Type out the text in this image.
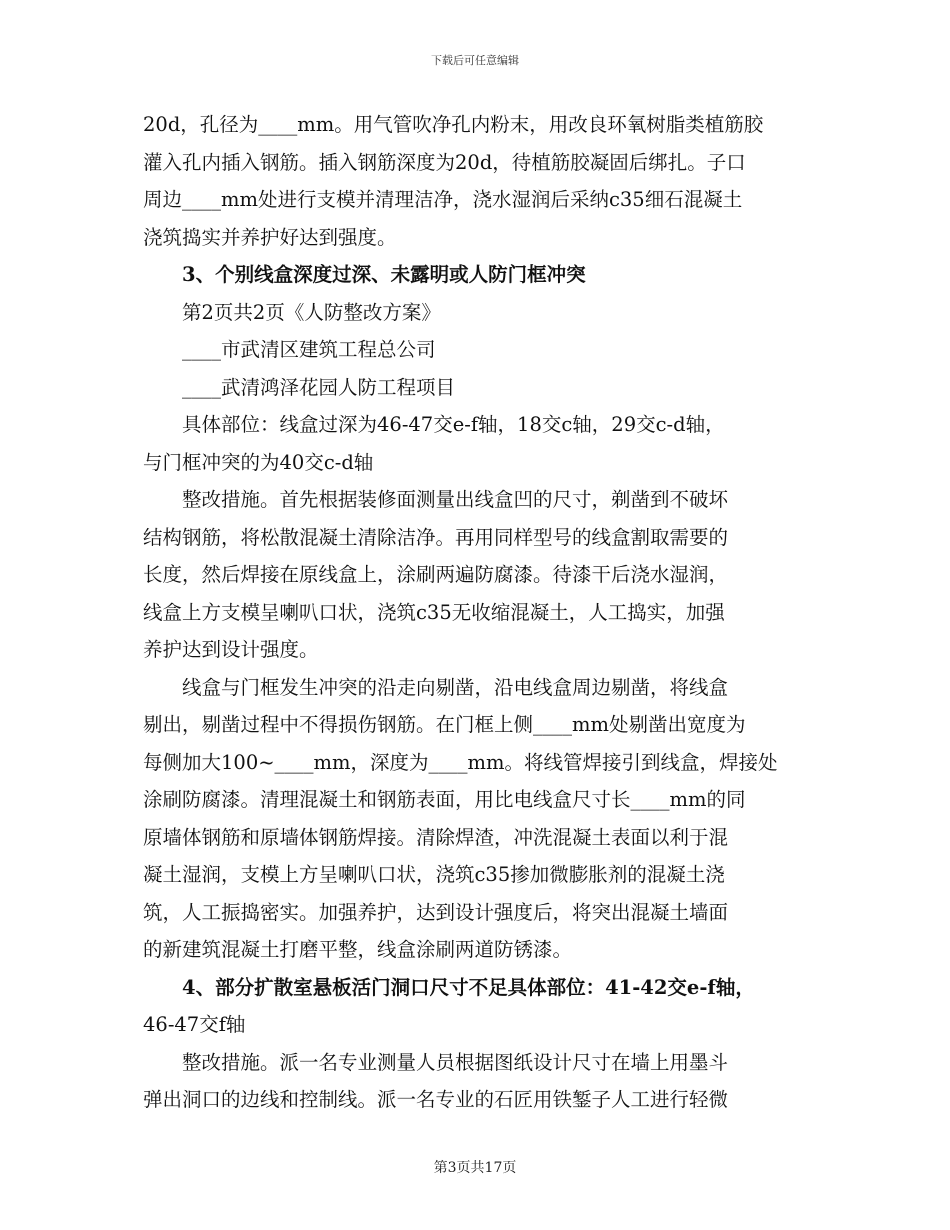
下载后可任意编辑
20d，孔径为____mm。用气管吹净孔内粉末，用改良环氧树脂类植筋胶
灌入孔内插入钢筋。插入钢筋深度为20d，待植筋胶凝固后绑扎。子口
周边____mm处进行支模并清理洁净，浇水湿润后采纳c35细石混凝土
浇筑捣实并养护好达到强度。
3、个别线盒深度过深、未露明或人防门框冲突
第2页共2页《人防整改方案》
____市武清区建筑工程总公司
____武清鸿泽花园人防工程项目
具体部位：线盒过深为46-47交e-f轴，18交c轴，29交c-d轴，
与门框冲突的为40交c-d轴
整改措施。首先根据装修面测量出线盒凹的尺寸，剃凿到不破坏
结构钢筋，将松散混凝土清除洁净。再用同样型号的线盒割取需要的
长度，然后焊接在原线盒上，涂刷两遍防腐漆。待漆干后浇水湿润，
线盒上方支模呈喇叭口状，浇筑c35无收缩混凝土，人工捣实，加强
养护达到设计强度。
线盒与门框发生冲突的沿走向剔凿，沿电线盒周边剔凿，将线盒
剔出，剔凿过程中不得损伤钢筋。在门框上侧____mm处剔凿出宽度为
每侧加大100~____mm，深度为____mm。将线管焊接引到线盒，焊接处
涂刷防腐漆。清理混凝土和钢筋表面，用比电线盒尺寸长____mm的同
原墙体钢筋和原墙体钢筋焊接。清除焊渣，冲洗混凝土表面以利于混
凝土湿润，支模上方呈喇叭口状，浇筑c35掺加微膨胀剂的混凝土浇
筑，人工振捣密实。加强养护，达到设计强度后，将突出混凝土墙面
的新建筑混凝土打磨平整，线盒涂刷两道防锈漆。
4、部分扩散室悬板活门洞口尺寸不足具体部位：41-42交e-f轴，
46-47交f轴
整改措施。派一名专业测量人员根据图纸设计尺寸在墙上用墨斗
弹出洞口的边线和控制线。派一名专业的石匠用铁錾子人工进行轻微
第3页共17页
